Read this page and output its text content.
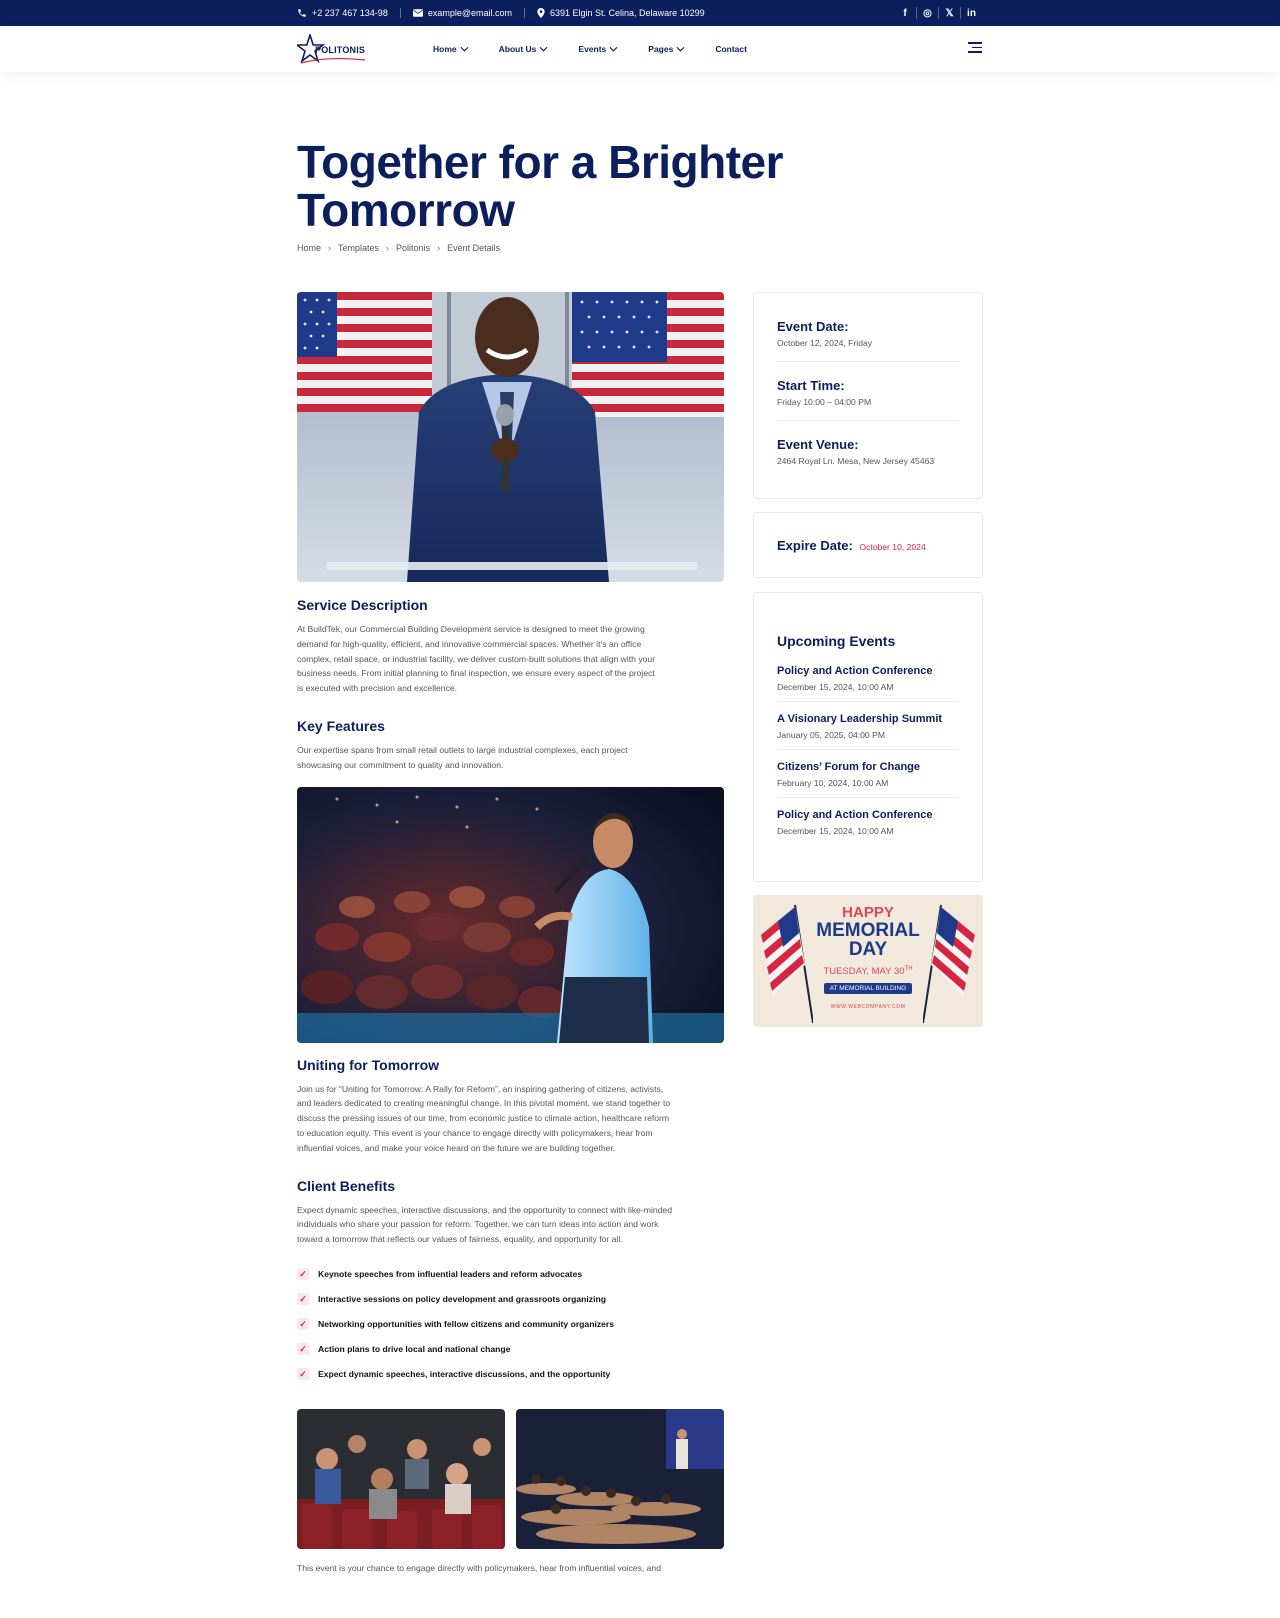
+2 237 467 134-98	example@email.com	6391 Elgin St. Celina, Delaware 10299	f	◎	𝕏	in
POLITONIS	Home	About Us	Events	Pages	Contact
Together for a Brighter Tomorrow
Home › Templates › Politonis › Event Details
Service Description

At BuildTek, our Commercial Building Development service is designed to meet the growing demand for high-quality, efficient, and innovative commercial spaces. Whether it’s an office complex, retail space, or industrial facility, we deliver custom-built solutions that align with your business needs. From initial planning to final inspection, we ensure every aspect of the project is executed with precision and excellence.

Key Features

Our expertise spans from small retail outlets to large industrial complexes, each project showcasing our commitment to quality and innovation.

Uniting for Tomorrow

Join us for “Uniting for Tomorrow: A Rally for Reform”, an inspiring gathering of citizens, activists, and leaders dedicated to creating meaningful change. In this pivotal moment, we stand together to discuss the pressing issues of our time, from economic justice to climate action, healthcare reform to education equity. This event is your chance to engage directly with policymakers, hear from influential voices, and make your voice heard on the future we are building together.

Client Benefits

Expect dynamic speeches, interactive discussions, and the opportunity to connect with like-minded individuals who share your passion for reform. Together, we can turn ideas into action and work toward a tomorrow that reflects our values of fairness, equality, and opportunity for all.

✓ Keynote speeches from influential leaders and reform advocates
✓ Interactive sessions on policy development and grassroots organizing
✓ Networking opportunities with fellow citizens and community organizers
✓ Action plans to drive local and national change
✓ Expect dynamic speeches, interactive discussions, and the opportunity

This event is your chance to engage directly with policymakers, hear from influential voices, and

Event Date:
October 12, 2024, Friday
Start Time:
Friday 10:00 – 04:00 PM
Event Venue:
2464 Royal Ln. Mesa, New Jersey 45463
Expire Date: October 10, 2024
Upcoming Events
Policy and Action Conference
December 15, 2024, 10:00 AM
A Visionary Leadership Summit
January 05, 2025, 04:00 PM
Citizens’ Forum for Change
February 10, 2024, 10:00 AM
Policy and Action Conference
December 15, 2024, 10:00 AM
HAPPY
MEMORIAL
DAY
TUESDAY, MAY 30TH
AT MEMORIAL BUILDING
WWW.WEBCOMPANY.COM
